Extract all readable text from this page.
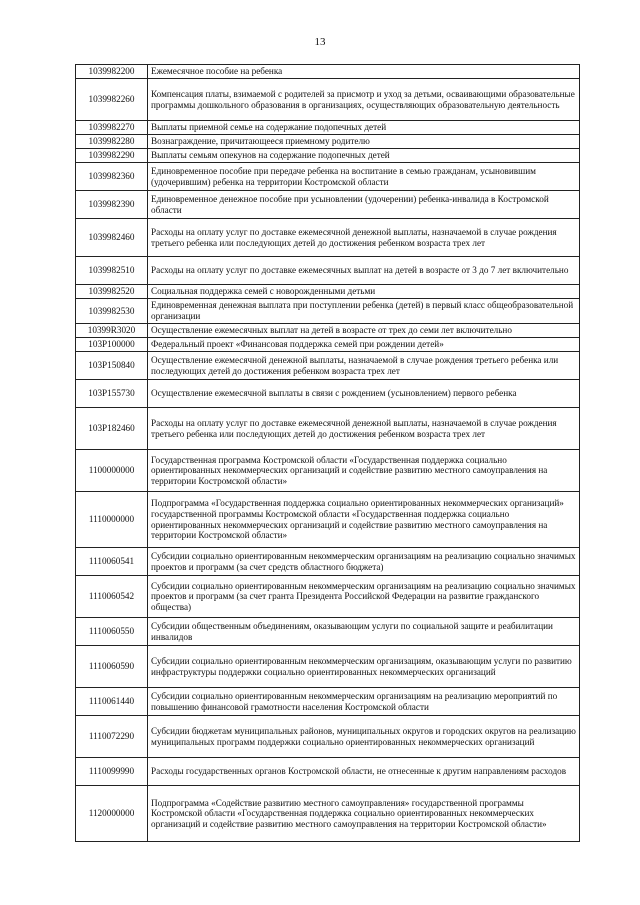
13
1039982200	Ежемесячное пособие на ребенка
1039982260	Компенсация платы, взимаемой с родителей за присмотр и уход за детьми, осваивающими образовательные программы дошкольного образования в организациях, осуществляющих образовательную деятельность
1039982270	Выплаты приемной семье на содержание подопечных детей
1039982280	Вознаграждение, причитающееся приемному родителю
1039982290	Выплаты семьям опекунов на содержание подопечных детей
1039982360	Единовременное пособие при передаче ребенка на воспитание в семью гражданам, усыновившим (удочерившим) ребенка на территории Костромской области
1039982390	Единовременное денежное пособие при усыновлении (удочерении) ребенка-инвалида в Костромской области
1039982460	Расходы на оплату услуг по доставке ежемесячной денежной выплаты, назначаемой в случае рождения третьего ребенка или последующих детей до достижения ребенком возраста трех лет
1039982510	Расходы на оплату услуг по доставке ежемесячных выплат на детей в возрасте от 3 до 7 лет включительно
1039982520	Социальная поддержка семей с новорожденными детьми
1039982530	Единовременная денежная выплата при поступлении ребенка (детей) в первый класс общеобразовательной организации
10399R3020	Осуществление ежемесячных выплат на детей в возрасте от трех до семи лет включительно
103P100000	Федеральный проект «Финансовая поддержка семей при рождении детей»
103P150840	Осуществление ежемесячной денежной выплаты, назначаемой в случае рождения третьего ребенка или последующих детей до достижения ребенком возраста трех лет
103P155730	Осуществление ежемесячной выплаты в связи с рождением (усыновлением) первого ребенка
103P182460	Расходы на оплату услуг по доставке ежемесячной денежной выплаты, назначаемой в случае рождения третьего ребенка или последующих детей до достижения ребенком возраста трех лет
1100000000	Государственная программа Костромской области «Государственная поддержка социально ориентированных некоммерческих организаций и содействие развитию местного самоуправления на территории Костромской области»
1110000000	Подпрограмма «Государственная поддержка социально ориентированных некоммерческих организаций» государственной программы Костромской области «Государственная поддержка социально ориентированных некоммерческих организаций и содействие развитию местного самоуправления на территории Костромской области»
1110060541	Субсидии социально ориентированным некоммерческим организациям на реализацию социально значимых проектов и программ (за счет средств областного бюджета)
1110060542	Субсидии социально ориентированным некоммерческим организациям на реализацию социально значимых проектов и программ (за счет гранта Президента Российской Федерации на развитие гражданского общества)
1110060550	Субсидии общественным объединениям, оказывающим услуги по социальной защите и реабилитации инвалидов
1110060590	Субсидии социально ориентированным некоммерческим организациям, оказывающим услуги по развитию инфраструктуры поддержки социально ориентированных некоммерческих организаций
1110061440	Субсидии социально ориентированным некоммерческим организациям на реализацию мероприятий по повышению финансовой грамотности населения Костромской области
1110072290	Субсидии бюджетам муниципальных районов, муниципальных округов и городских округов на реализацию муниципальных программ поддержки социально ориентированных некоммерческих организаций
1110099990	Расходы государственных органов Костромской области, не отнесенные к другим направлениям расходов
1120000000	Подпрограмма «Содействие развитию местного самоуправления» государственной программы Костромской области «Государственная поддержка социально ориентированных некоммерческих организаций и содействие развитию местного самоуправления на территории Костромской области»
